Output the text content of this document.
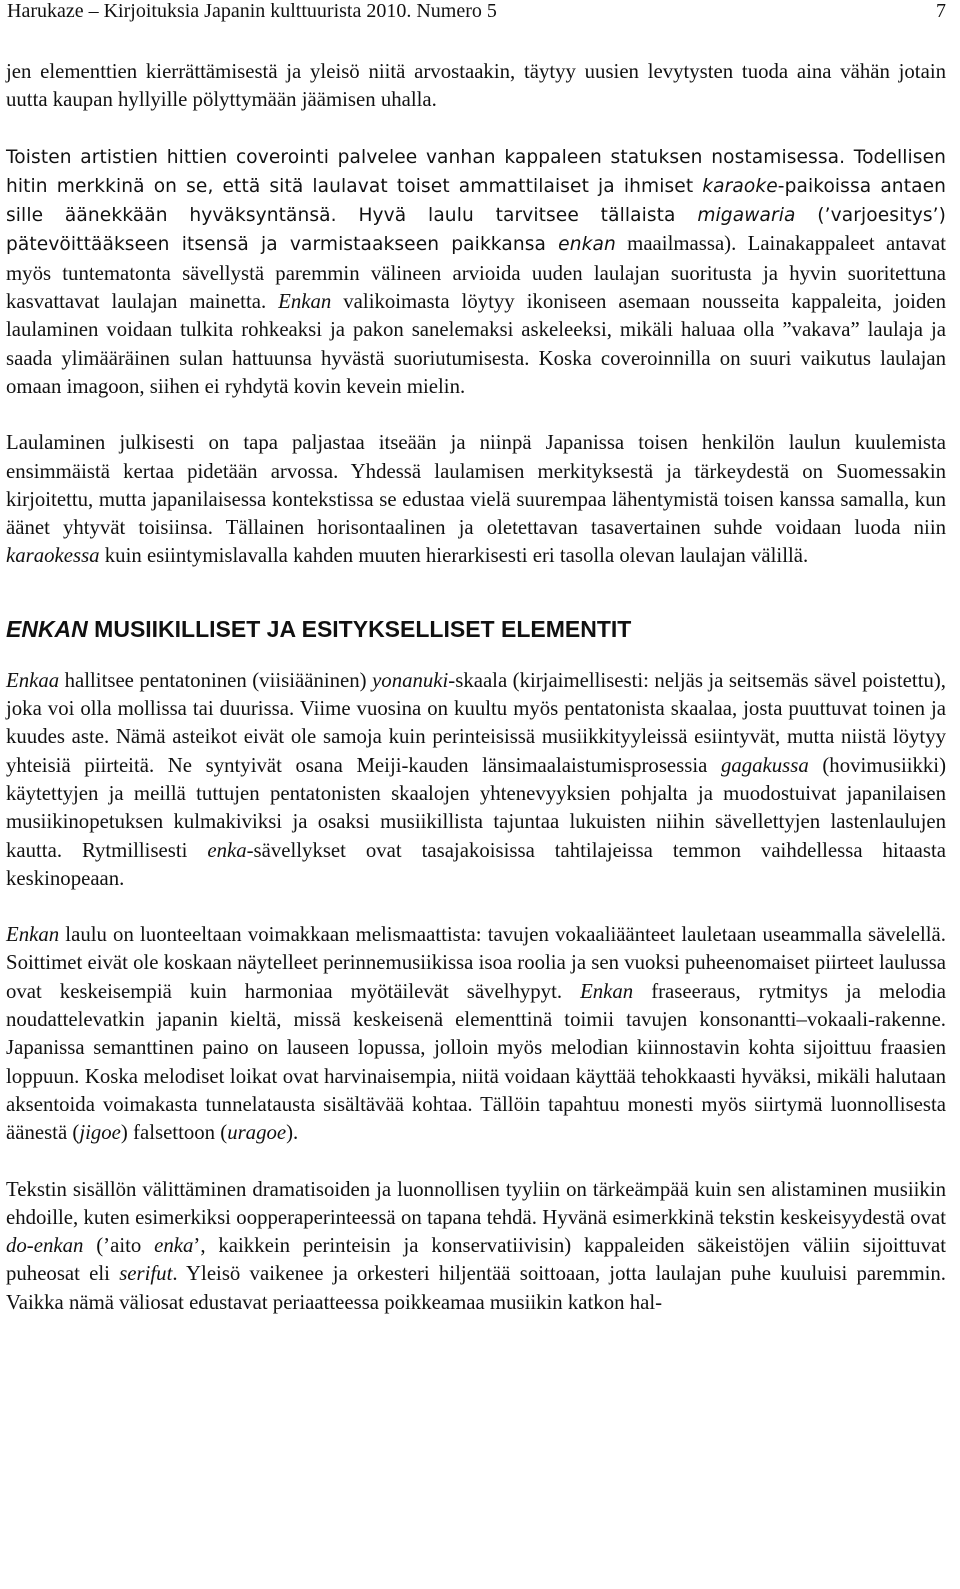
Harukaze – Kirjoituksia Japanin kulttuurista 2010. Numero 5	7

jen elementtien kierrättämisestä ja yleisö niitä arvostaakin, täytyy uusien levytysten tuoda aina vähän jotain uutta kaupan hyllyille pölyttymään jäämisen uhalla.

Toisten artistien hittien coverointi palvelee vanhan kappaleen statuksen nostamisessa. Todellisen hitin merkkinä on se, että sitä laulavat toiset ammattilaiset ja ihmiset karaoke-paikoissa antaen sille äänekkään hyväksyntänsä. Hyvä laulu tarvitsee tällaista migawaria (’varjoesitys’) pätevöittääkseen itsensä ja varmistaakseen paikkansa enkan maailmassa). Lainakappaleet antavat myös tuntematonta sävellystä paremmin välineen arvioida uuden laulajan suoritusta ja hyvin suoritettuna kasvattavat laulajan mainetta. Enkan valikoimasta löytyy ikoniseen asemaan nousseita kappaleita, joiden laulaminen voidaan tulkita rohkeaksi ja pakon sanelemaksi askeleeksi, mikäli haluaa olla ”vakava” laulaja ja saada ylimääräinen sulan hattuunsa hyvästä suoriutumisesta. Koska coveroinnilla on suuri vaikutus laulajan omaan imagoon, siihen ei ryhdytä kovin kevein mielin.

Laulaminen julkisesti on tapa paljastaa itseään ja niinpä Japanissa toisen henkilön laulun kuulemista ensimmäistä kertaa pidetään arvossa. Yhdessä laulamisen merkityksestä ja tärkeydestä on Suomessakin kirjoitettu, mutta japanilaisessa kontekstissa se edustaa vielä suurempaa lähentymistä toisen kanssa samalla, kun äänet yhtyvät toisiinsa. Tällainen horisontaalinen ja oletettavan tasavertainen suhde voidaan luoda niin karaokessa kuin esiintymislavalla kahden muuten hierarkisesti eri tasolla olevan laulajan välillä.

ENKAN MUSIIKILLISET JA ESITYKSELLISET ELEMENTIT

Enkaa hallitsee pentatoninen (viisiääninen) yonanuki-skaala (kirjaimellisesti: neljäs ja seitsemäs sävel poistettu), joka voi olla mollissa tai duurissa. Viime vuosina on kuultu myös pentatonista skaalaa, josta puuttuvat toinen ja kuudes aste. Nämä asteikot eivät ole samoja kuin perinteisissä musiikkityyleissä esiintyvät, mutta niistä löytyy yhteisiä piirteitä. Ne syntyivät osana Meiji-kauden länsimaalaistumisprosessia gagakussa (hovimusiikki) käytettyjen ja meillä tuttujen pentatonisten skaalojen yhtenevyyksien pohjalta ja muodostuivat japanilaisen musiikinopetuksen kulmakiviksi ja osaksi musiikillista tajuntaa lukuisten niihin sävellettyjen lastenlaulujen kautta. Rytmillisesti enka-sävellykset ovat tasajakoisissa tahtilajeissa temmon vaihdellessa hitaasta keskinopeaan.

Enkan laulu on luonteeltaan voimakkaan melismaattista: tavujen vokaaliäänteet lauletaan useammalla sävelellä. Soittimet eivät ole koskaan näytelleet perinnemusiikissa isoa roolia ja sen vuoksi puheenomaiset piirteet laulussa ovat keskeisempiä kuin harmoniaa myötäilevät sävelhypyt. Enkan fraseeraus, rytmitys ja melodia noudattelevatkin japanin kieltä, missä keskeisenä elementtinä toimii tavujen konsonantti–vokaali-rakenne. Japanissa semanttinen paino on lauseen lopussa, jolloin myös melodian kiinnostavin kohta sijoittuu fraasien loppuun. Koska melodiset loikat ovat harvinaisempia, niitä voidaan käyttää tehokkaasti hyväksi, mikäli halutaan aksentoida voimakasta tunnelatausta sisältävää kohtaa. Tällöin tapahtuu monesti myös siirtymä luonnollisesta äänestä (jigoe) falsettoon (uragoe).

Tekstin sisällön välittäminen dramatisoiden ja luonnollisen tyyliin on tärkeämpää kuin sen alistaminen musiikin ehdoille, kuten esimerkiksi oopperaperinteessä on tapana tehdä. Hyvänä esimerkkinä tekstin keskeisyydestä ovat do-enkan (’aito enka’, kaikkein perinteisin ja konservatiivisin) kappaleiden säkeistöjen väliin sijoittuvat puheosat eli serifut. Yleisö vaikenee ja orkesteri hiljentää soittoaan, jotta laulajan puhe kuuluisi paremmin. Vaikka nämä väliosat edustavat periaatteessa poikkeamaa musiikin katkon hal-
